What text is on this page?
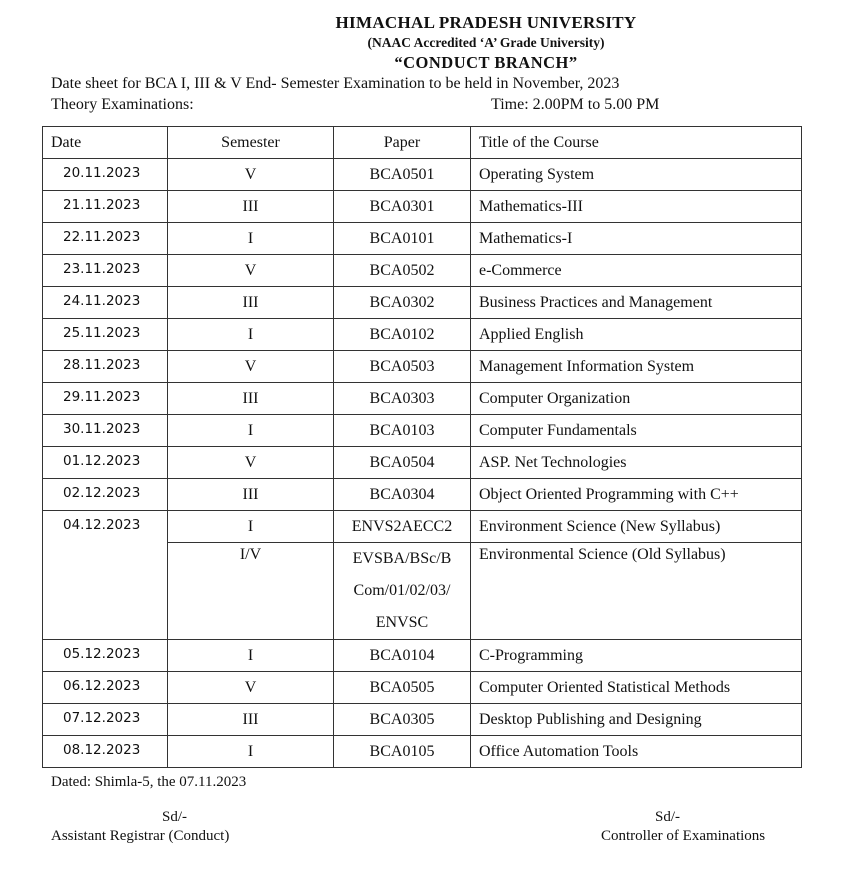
HIMACHAL PRADESH UNIVERSITY
(NAAC Accredited ‘A’ Grade University)
“CONDUCT BRANCH”
Date sheet for BCA I, III & V End- Semester Examination to be held in November, 2023
Theory Examinations:	Time: 2.00PM to 5.00 PM
Date	Semester	Paper	Title of the Course
20.11.2023	V	BCA0501	Operating System
21.11.2023	III	BCA0301	Mathematics-III
22.11.2023	I	BCA0101	Mathematics-I
23.11.2023	V	BCA0502	e-Commerce
24.11.2023	III	BCA0302	Business Practices and Management
25.11.2023	I	BCA0102	Applied English
28.11.2023	V	BCA0503	Management Information System
29.11.2023	III	BCA0303	Computer Organization
30.11.2023	I	BCA0103	Computer Fundamentals
01.12.2023	V	BCA0504	ASP. Net Technologies
02.12.2023	III	BCA0304	Object Oriented Programming with C++
04.12.2023	I	ENVS2AECC2	Environment Science (New Syllabus)
	I/V	EVSBA/BSc/B
Com/01/02/03/
ENVSC	Environmental Science (Old Syllabus)
05.12.2023	I	BCA0104	C-Programming
06.12.2023	V	BCA0505	Computer Oriented Statistical Methods
07.12.2023	III	BCA0305	Desktop Publishing and Designing
08.12.2023	I	BCA0105	Office Automation Tools
Dated: Shimla-5, the 07.11.2023
Sd/-
Assistant Registrar (Conduct)
Sd/-
Controller of Examinations
